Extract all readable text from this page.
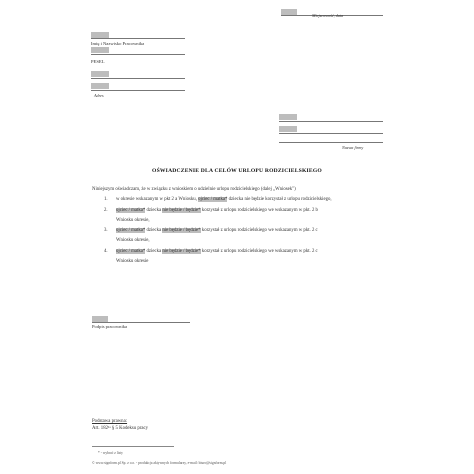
Miejscowość, data
Imię i Nazwisko Pracownika
PESEL
Adres
Nazwa firmy
OŚWIADCZENIE DLA CELÓW URLOPU RODZICIELSKIEGO
Niniejszym oświadczam, że w związku z wnioskiem o udzielnie urlopu rodzicielskiego (dalej „Wniosek")
1. w okresie wskazanym w pkt 2 a Wniosku, ojciec / matka* dziecka nie będzie korzystał z urlopu rodzicielskiego,
2. ojciec / matka* dziecka nie będzie / będzie* korzystał z urlopu rodzicielskiego we wskazanym w pkt. 2 b
Wniosku okresie,
3. ojciec / matka* dziecka nie będzie / będzie* korzystał z urlopu rodzicielskiego we wskazanym w pkt. 2 c
Wniosku okresie,
4. ojciec / matka* dziecka nie będzie / będzie* korzystał z urlopu rodzicielskiego we wskazanym w pkt. 2 c
Wniosku okresie
Podpis pracownika
Podstawa prawna:
Art. 182¹ᵃ § 5 Kodeksu pracy
* - wybrać z listy
© www.signform.pl Sp. z o.o. - produkcja aktywnych formularzy, e-mail: biuro@signform.pl
